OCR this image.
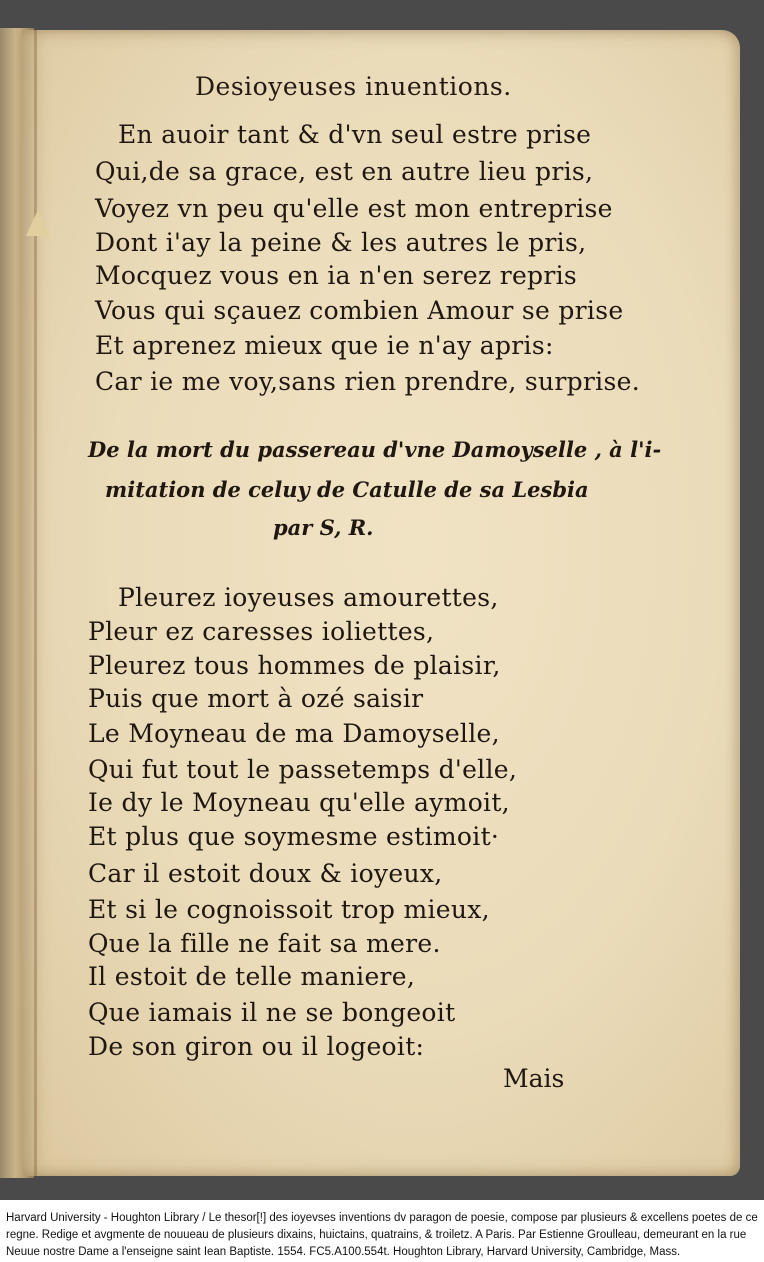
Desioyeuses inuentions.
En auoir tant & d'vn seul estre prise
Qui,de sa grace, est en autre lieu pris,
Voyez vn peu qu'elle est mon entreprise
Dont i'ay la peine & les autres le pris,
Mocquez vous en ia n'en serez repris
Vous qui sçauez combien Amour se prise
Et aprenez mieux que ie n'ay apris:
Car ie me voy,sans rien prendre, surprise.
De la mort du passereau d'vne Damoyselle , à l'i-
mitation de celuy de Catulle de sa Lesbia
par S, R.
Pleurez ioyeuses amourettes,
Pleur ez caresses ioliettes,
Pleurez tous hommes de plaisir,
Puis que mort à ozé saisir
Le Moyneau de ma Damoyselle,
Qui fut tout le passetemps d'elle,
Ie dy le Moyneau qu'elle aymoit,
Et plus que soymesme estimoit·
Car il estoit doux & ioyeux,
Et si le cognoissoit trop mieux,
Que la fille ne fait sa mere.
Il estoit de telle maniere,
Que iamais il ne se bongeoit
De son giron ou il logeoit:
Mais
Harvard University - Houghton Library / Le thesor[!] des ioyevses inventions dv paragon de poesie, compose par plusieurs & excellens poetes de ce regne. Redige et avgmente de nouueau de plusieurs dixains, huictains, quatrains, & troiletz. A Paris. Par Estienne Groulleau, demeurant en la rue Neuue nostre Dame a l'enseigne saint Iean Baptiste. 1554. FC5.A100.554t. Houghton Library, Harvard University, Cambridge, Mass.
